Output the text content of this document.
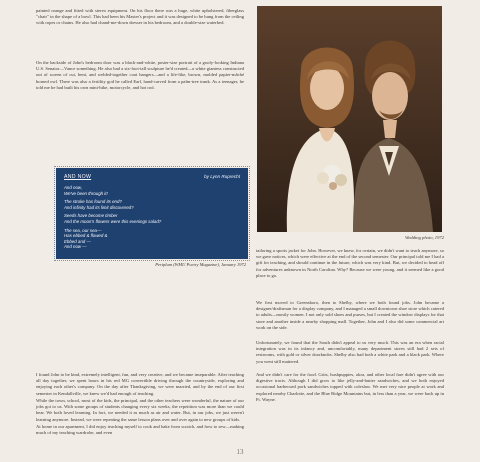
painted orange and fitted with stereo equipment. On his floor there was a huge, white upholstered, fiberglass "chair" in the shape of a bowl. This had been his Master's project and it was designed to be hung from the ceiling with ropes or chains. He also had chand-me-down dresser in his bedroom, and a double-size waterbed.

On the backside of John's bedroom door was a black-and-white, poster-size portrait of a goofy-looking Indiana U.S. Senator—Vance something. He also had a six-foot-tall sculpture he'd created—a white giantess constructed out of screen of cut, bent, and welded-together coat hangers—and a life-like, brown, molded papier-mâché horned owl. There was also a fertility god he called Earl, hand-carved from a palm-tree trunk. As a teenager, he told me he had built his own mini-bike, motorcycle, and hot rod.

AND NOW	by Lynn Ruprecht
And now,
We've been through it!
The stroke has found its end?
And infinity had its limit discovered?
Seeds have become timber
And the moon's flowers were this evenings salad?
The sea, our sea—
Has ebbed & flowed &
Ebbed and —
And now —
Periplum (WMU Poetry Magazine), January 1972

I found John to be kind, extremely intelligent, fun, and very creative, and we became inseparable. After teaching all day together, we spent hours in his red MG convertible driving through the countryside, exploring and enjoying each other's company. On the day after Thanksgiving, we were married, and by the end of our first semester in Kendallville, we knew we'd had enough of teaching.

While the town, school, most of the kids, the principal, and the other teachers were wonderful, the nature of our jobs got to us. With some groups of students changing every six weeks, the repetition was more than we could bear. We both loved learning. In fact, we needed it as much as air and water. But, in our jobs, we just weren't learning anymore. Instead, we were repeating the same lesson plans over and over again to new groups of kids.

At home in our apartment, I did enjoy teaching myself to cook and bake from scratch, and how to sew—making much of my teaching wardrobe, and even

Wedding photo, 1972

tailoring a sports jacket for John. However, we knew, for certain, we didn't want to teach anymore, so we gave notices, which were effective at the end of the second semester. Our principal told me I had a gift for teaching, and should continue in the future, which was very kind. But, we decided to head off for adventures unknown in North Carolina. Why? Because we were young, and it seemed like a good place to go.

We first moved to Greensboro, then to Shelby, where we both found jobs. John became a designer/draftsman for a display company, and I managed a small downtown shoe store which catered to adults—mostly women. I not only sold shoes and purses, but I created the window displays for that store and another inside a nearby shopping mall. Together, John and I also did some commercial art work on the side.

Unfortunately, we found that the South didn't appeal to us very much. This was an era when racial integration was in its infancy and, uncomfortably, many department stores still had 2 sets of restrooms, with gold or silver doorknobs. Shelby also had both a white park and a black park. Where you went still mattered.

And we didn't care for the food. Grits, hushpuppies, okra, and other local fare didn't agree with our digestive tracts. Although I did grow to like jelly-and-butter sandwiches, and we both enjoyed occasional barbecued pork sandwiches topped with coleslaw. We met very nice people at work and explored nearby Charlotte, and the Blue Ridge Mountains but, in less than a year, we were back up in Ft. Wayne.

13
